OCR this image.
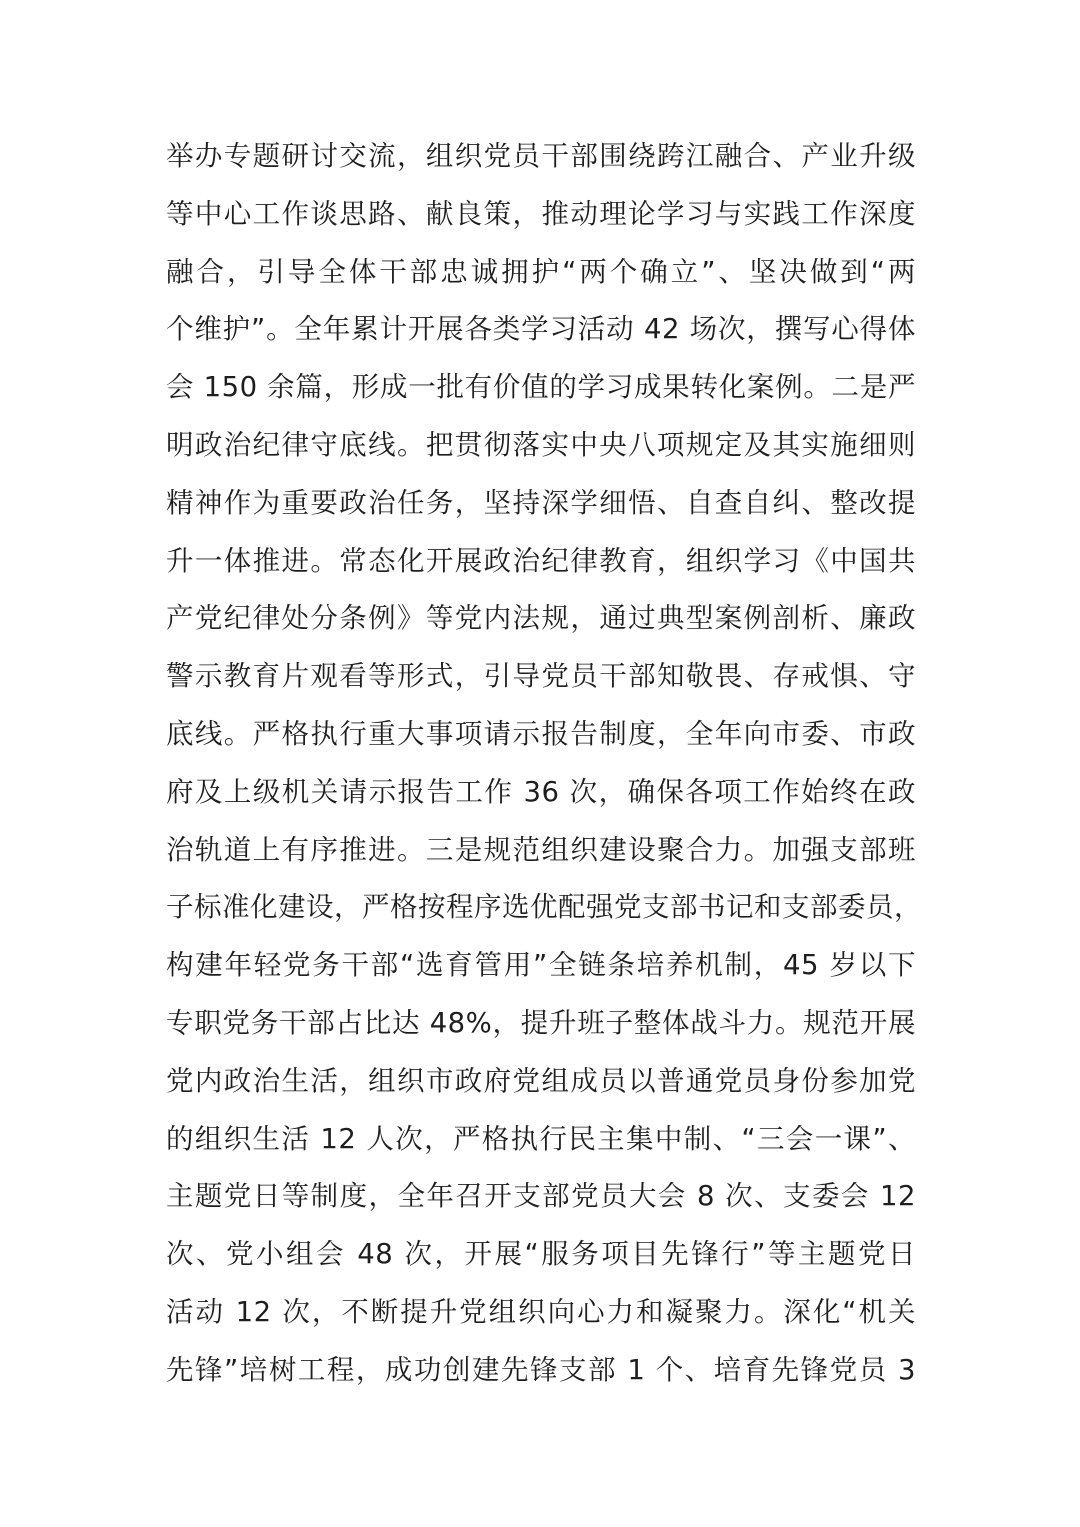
举办专题研讨交流，组织党员干部围绕跨江融合、产业升级
等中心工作谈思路、献良策，推动理论学习与实践工作深度
融合，引导全体干部忠诚拥护“两个确立”、坚决做到“两
个维护”。全年累计开展各类学习活动 42 场次，撰写心得体
会 150 余篇，形成一批有价值的学习成果转化案例。二是严
明政治纪律守底线。把贯彻落实中央八项规定及其实施细则
精神作为重要政治任务，坚持深学细悟、自查自纠、整改提
升一体推进。常态化开展政治纪律教育，组织学习《中国共
产党纪律处分条例》等党内法规，通过典型案例剖析、廉政
警示教育片观看等形式，引导党员干部知敬畏、存戒惧、守
底线。严格执行重大事项请示报告制度，全年向市委、市政
府及上级机关请示报告工作 36 次，确保各项工作始终在政
治轨道上有序推进。三是规范组织建设聚合力。加强支部班
子标准化建设，严格按程序选优配强党支部书记和支部委员，
构建年轻党务干部“选育管用”全链条培养机制，45 岁以下
专职党务干部占比达 48%，提升班子整体战斗力。规范开展
党内政治生活，组织市政府党组成员以普通党员身份参加党
的组织生活 12 人次，严格执行民主集中制、“三会一课”、
主题党日等制度，全年召开支部党员大会 8 次、支委会 12
次、党小组会 48 次，开展“服务项目先锋行”等主题党日
活动 12 次，不断提升党组织向心力和凝聚力。深化“机关
先锋”培树工程，成功创建先锋支部 1 个、培育先锋党员 3
